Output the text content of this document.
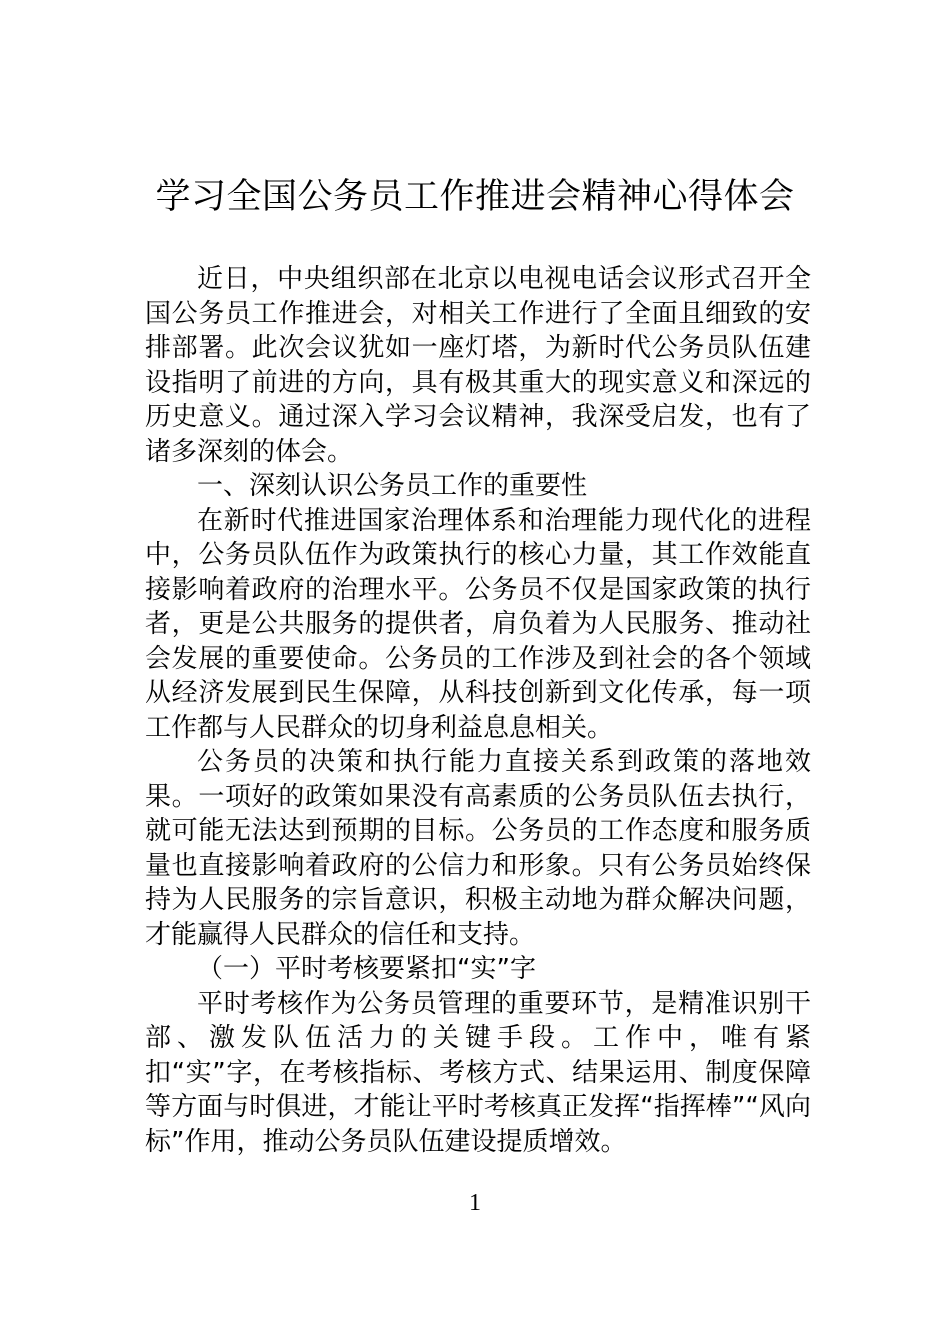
学习全国公务员工作推进会精神心得体会

近日，中央组织部在北京以电视电话会议形式召开全国公务员工作推进会，对相关工作进行了全面且细致的安排部署。此次会议犹如一座灯塔，为新时代公务员队伍建设指明了前进的方向，具有极其重大的现实意义和深远的历史意义。通过深入学习会议精神，我深受启发，也有了诸多深刻的体会。

一、深刻认识公务员工作的重要性

在新时代推进国家治理体系和治理能力现代化的进程中，公务员队伍作为政策执行的核心力量，其工作效能直接影响着政府的治理水平。公务员不仅是国家政策的执行者，更是公共服务的提供者，肩负着为人民服务、推动社会发展的重要使命。公务员的工作涉及到社会的各个领域从经济发展到民生保障，从科技创新到文化传承，每一项工作都与人民群众的切身利益息息相关。

公务员的决策和执行能力直接关系到政策的落地效果。一项好的政策如果没有高素质的公务员队伍去执行，就可能无法达到预期的目标。公务员的工作态度和服务质量也直接影响着政府的公信力和形象。只有公务员始终保持为人民服务的宗旨意识，积极主动地为群众解决问题，才能赢得人民群众的信任和支持。

（一）平时考核要紧扣“实”字

平时考核作为公务员管理的重要环节，是精准识别干部、激发队伍活力的关键手段。工作中，唯有紧扣“实”字，在考核指标、考核方式、结果运用、制度保障等方面与时俱进，才能让平时考核真正发挥“指挥棒”“风向标”作用，推动公务员队伍建设提质增效。

1
